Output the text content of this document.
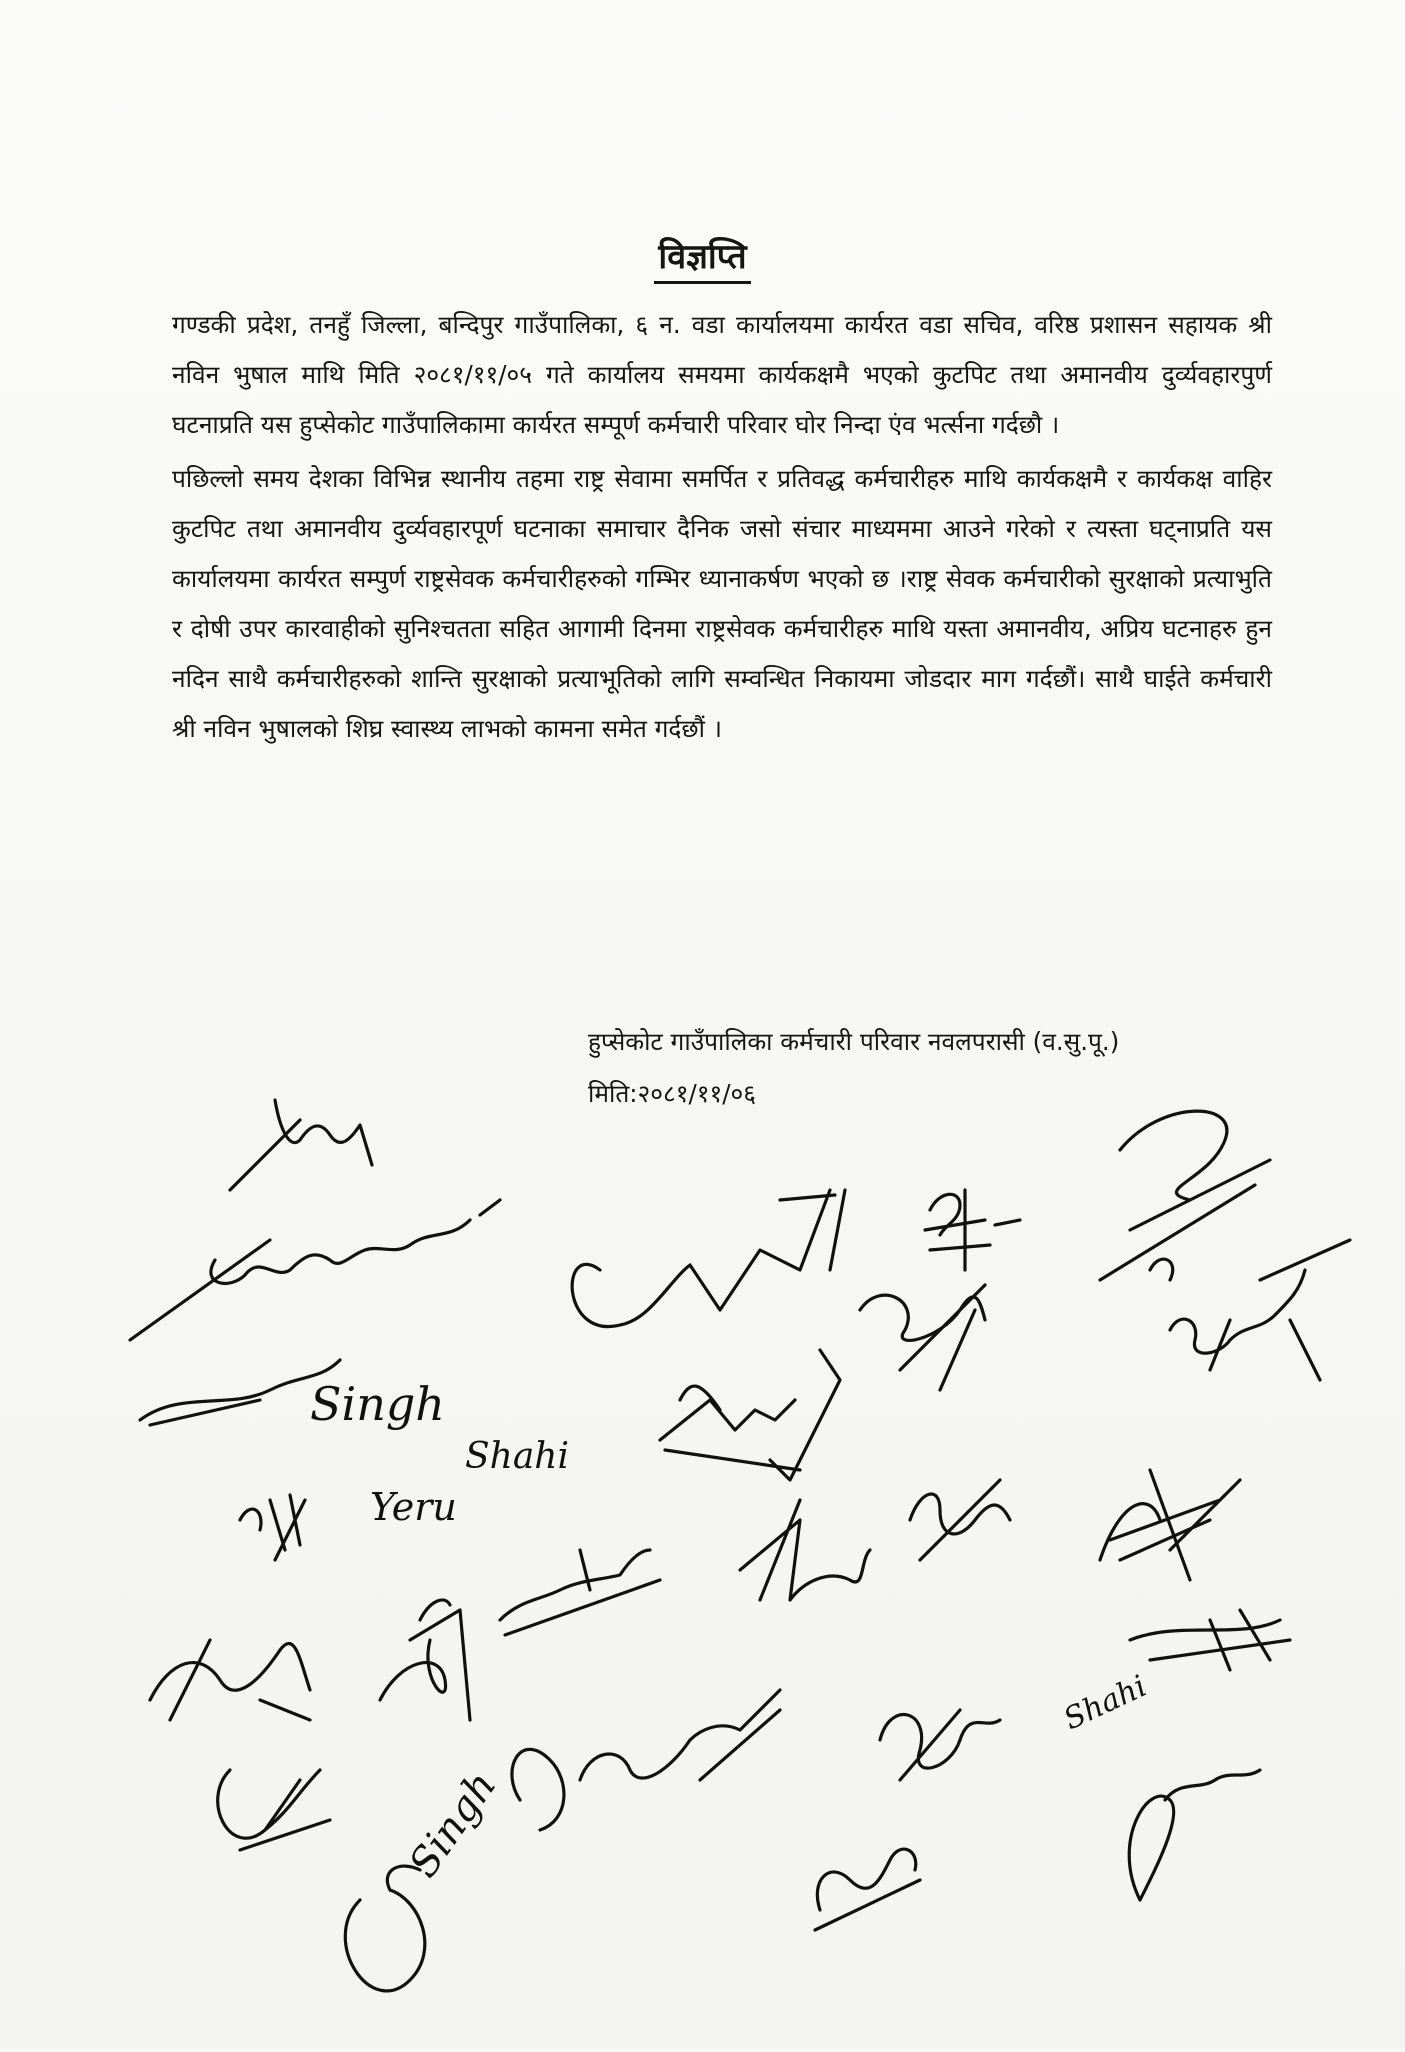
विज्ञप्ति

गण्डकी प्रदेश, तनहुँ जिल्ला, बन्दिपुर गाउँपालिका, ६ न. वडा कार्यालयमा कार्यरत वडा सचिव, वरिष्ठ प्रशासन सहायक श्री नविन भुषाल माथि मिति २०८१/११/०५ गते कार्यालय समयमा कार्यकक्षमै भएको कुटपिट तथा अमानवीय दुर्व्यवहारपुर्ण घटनाप्रति यस हुप्सेकोट गाउँपालिकामा कार्यरत सम्पूर्ण कर्मचारी परिवार घोर निन्दा एंव भर्त्सना गर्दछौ ।

पछिल्लो समय देशका विभिन्न स्थानीय तहमा राष्ट्र सेवामा समर्पित र प्रतिवद्ध कर्मचारीहरु माथि कार्यकक्षमै र कार्यकक्ष वाहिर कुटपिट तथा अमानवीय दुर्व्यवहारपूर्ण घटनाका समाचार दैनिक जसो संचार माध्यममा आउने गरेको र त्यस्ता घट्नाप्रति यस कार्यालयमा कार्यरत सम्पुर्ण राष्ट्रसेवक कर्मचारीहरुको गम्भिर ध्यानाकर्षण भएको छ ।राष्ट्र सेवक कर्मचारीको सुरक्षाको प्रत्याभुति र दोषी उपर कारवाहीको सुनिश्चतता सहित आगामी दिनमा राष्ट्रसेवक कर्मचारीहरु माथि यस्ता अमानवीय, अप्रिय घटनाहरु हुन नदिन साथै कर्मचारीहरुको शान्ति सुरक्षाको प्रत्याभूतिको लागि सम्वन्धित निकायमा जोडदार माग गर्दछौं। साथै घाईते कर्मचारी श्री नविन भुषालको शिघ्र स्वास्थ्य लाभको कामना समेत गर्दछौं ।

हुप्सेकोट गाउँपालिका कर्मचारी परिवार नवलपरासी (व.सु.पू.)
मिति:२०८१/११/०६
Singh
Shahi
Yeru
Shahi
Singh
